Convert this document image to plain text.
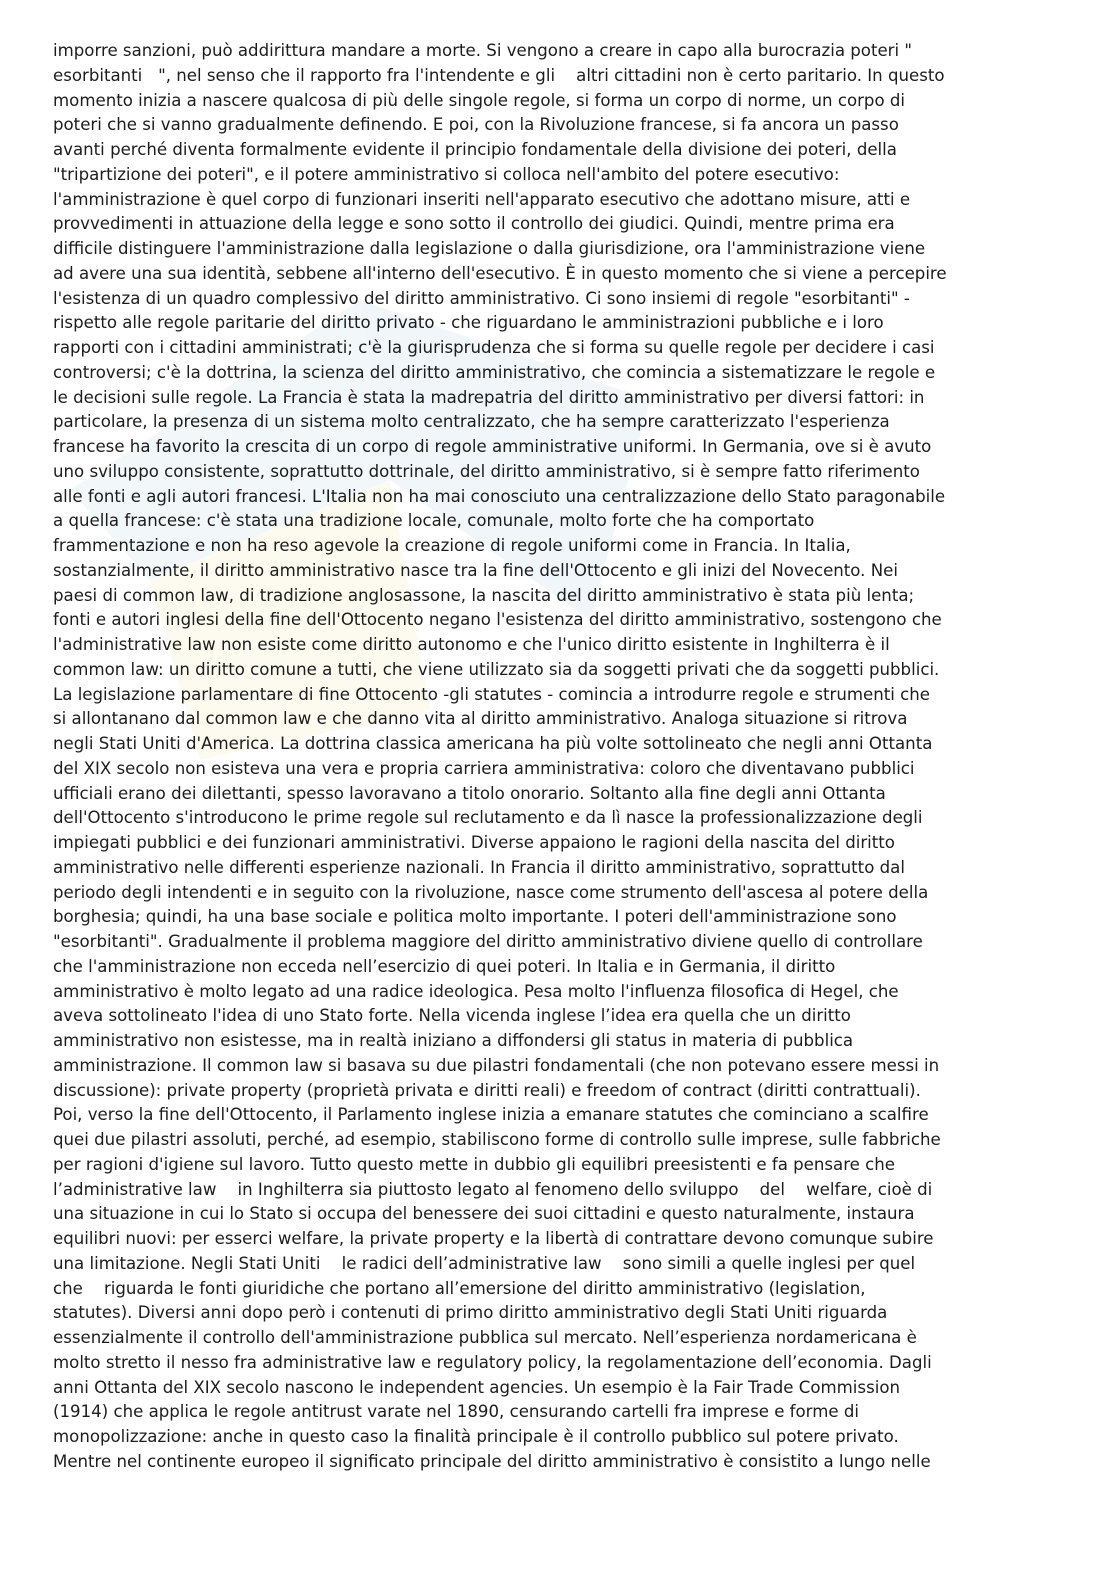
imporre sanzioni, può addirittura mandare a morte. Si vengono a creare in capo alla burocrazia poteri "
esorbitanti   ", nel senso che il rapporto fra l'intendente e gli    altri cittadini non è certo paritario. In questo
momento inizia a nascere qualcosa di più delle singole regole, si forma un corpo di norme, un corpo di
poteri che si vanno gradualmente definendo. E poi, con la Rivoluzione francese, si fa ancora un passo
avanti perché diventa formalmente evidente il principio fondamentale della divisione dei poteri, della
"tripartizione dei poteri", e il potere amministrativo si colloca nell'ambito del potere esecutivo:
l'amministrazione è quel corpo di funzionari inseriti nell'apparato esecutivo che adottano misure, atti e
provvedimenti in attuazione della legge e sono sotto il controllo dei giudici. Quindi, mentre prima era
difficile distinguere l'amministrazione dalla legislazione o dalla giurisdizione, ora l'amministrazione viene
ad avere una sua identità, sebbene all'interno dell'esecutivo. È in questo momento che si viene a percepire
l'esistenza di un quadro complessivo del diritto amministrativo. Ci sono insiemi di regole "esorbitanti" -
rispetto alle regole paritarie del diritto privato - che riguardano le amministrazioni pubbliche e i loro
rapporti con i cittadini amministrati; c'è la giurisprudenza che si forma su quelle regole per decidere i casi
controversi; c'è la dottrina, la scienza del diritto amministrativo, che comincia a sistematizzare le regole e
le decisioni sulle regole. La Francia è stata la madrepatria del diritto amministrativo per diversi fattori: in
particolare, la presenza di un sistema molto centralizzato, che ha sempre caratterizzato l'esperienza
francese ha favorito la crescita di un corpo di regole amministrative uniformi. In Germania, ove si è avuto
uno sviluppo consistente, soprattutto dottrinale, del diritto amministrativo, si è sempre fatto riferimento
alle fonti e agli autori francesi. L'Italia non ha mai conosciuto una centralizzazione dello Stato paragonabile
a quella francese: c'è stata una tradizione locale, comunale, molto forte che ha comportato
frammentazione e non ha reso agevole la creazione di regole uniformi come in Francia. In Italia,
sostanzialmente, il diritto amministrativo nasce tra la fine dell'Ottocento e gli inizi del Novecento. Nei
paesi di common law, di tradizione anglosassone, la nascita del diritto amministrativo è stata più lenta;
fonti e autori inglesi della fine dell'Ottocento negano l'esistenza del diritto amministrativo, sostengono che
l'administrative law non esiste come diritto autonomo e che l'unico diritto esistente in Inghilterra è il
common law: un diritto comune a tutti, che viene utilizzato sia da soggetti privati che da soggetti pubblici.
La legislazione parlamentare di fine Ottocento -gli statutes - comincia a introdurre regole e strumenti che
si allontanano dal common law e che danno vita al diritto amministrativo. Analoga situazione si ritrova
negli Stati Uniti d'America. La dottrina classica americana ha più volte sottolineato che negli anni Ottanta
del XIX secolo non esisteva una vera e propria carriera amministrativa: coloro che diventavano pubblici
ufficiali erano dei dilettanti, spesso lavoravano a titolo onorario. Soltanto alla fine degli anni Ottanta
dell'Ottocento s'introducono le prime regole sul reclutamento e da lì nasce la professionalizzazione degli
impiegati pubblici e dei funzionari amministrativi. Diverse appaiono le ragioni della nascita del diritto
amministrativo nelle differenti esperienze nazionali. In Francia il diritto amministrativo, soprattutto dal
periodo degli intendenti e in seguito con la rivoluzione, nasce come strumento dell'ascesa al potere della
borghesia; quindi, ha una base sociale e politica molto importante. I poteri dell'amministrazione sono
"esorbitanti". Gradualmente il problema maggiore del diritto amministrativo diviene quello di controllare
che l'amministrazione non ecceda nell’esercizio di quei poteri. In Italia e in Germania, il diritto
amministrativo è molto legato ad una radice ideologica. Pesa molto l'influenza filosofica di Hegel, che
aveva sottolineato l'idea di uno Stato forte. Nella vicenda inglese l’idea era quella che un diritto
amministrativo non esistesse, ma in realtà iniziano a diffondersi gli status in materia di pubblica
amministrazione. Il common law si basava su due pilastri fondamentali (che non potevano essere messi in
discussione): private property (proprietà privata e diritti reali) e freedom of contract (diritti contrattuali).
Poi, verso la fine dell'Ottocento, il Parlamento inglese inizia a emanare statutes che cominciano a scalfire
quei due pilastri assoluti, perché, ad esempio, stabiliscono forme di controllo sulle imprese, sulle fabbriche
per ragioni d'igiene sul lavoro. Tutto questo mette in dubbio gli equilibri preesistenti e fa pensare che
l’administrative law    in Inghilterra sia piuttosto legato al fenomeno dello sviluppo    del    welfare, cioè di
una situazione in cui lo Stato si occupa del benessere dei suoi cittadini e questo naturalmente, instaura
equilibri nuovi: per esserci welfare, la private property e la libertà di contrattare devono comunque subire
una limitazione. Negli Stati Uniti    le radici dell’administrative law    sono simili a quelle inglesi per quel
che    riguarda le fonti giuridiche che portano all’emersione del diritto amministrativo (legislation,
statutes). Diversi anni dopo però i contenuti di primo diritto amministrativo degli Stati Uniti riguarda
essenzialmente il controllo dell'amministrazione pubblica sul mercato. Nell’esperienza nordamericana è
molto stretto il nesso fra administrative law e regulatory policy, la regolamentazione dell’economia. Dagli
anni Ottanta del XIX secolo nascono le independent agencies. Un esempio è la Fair Trade Commission
(1914) che applica le regole antitrust varate nel 1890, censurando cartelli fra imprese e forme di
monopolizzazione: anche in questo caso la finalità principale è il controllo pubblico sul potere privato.
Mentre nel continente europeo il significato principale del diritto amministrativo è consistito a lungo nelle
